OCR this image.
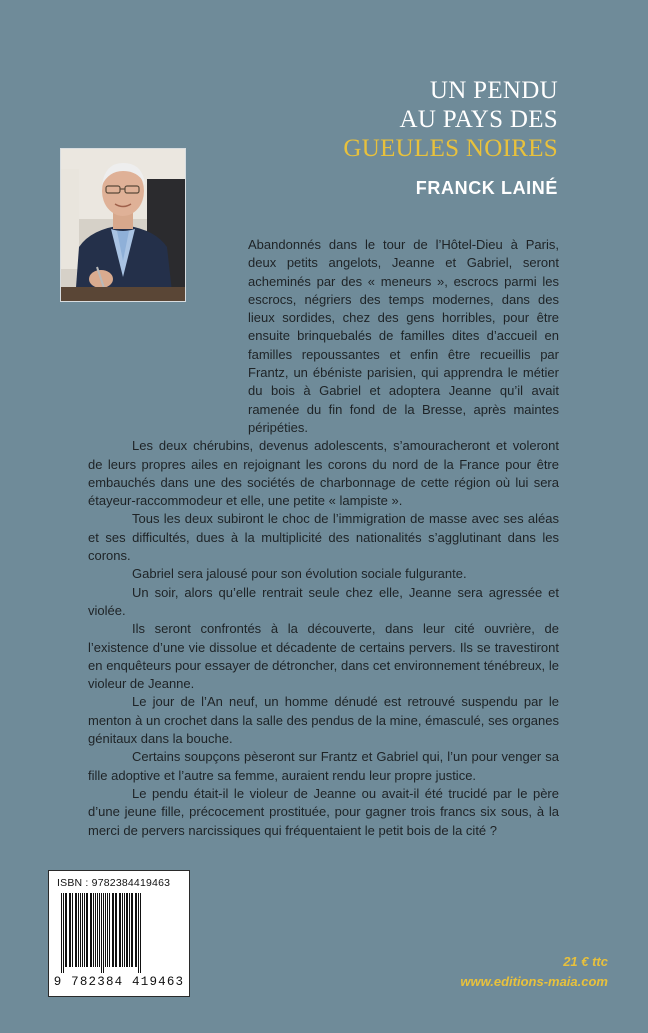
UN PENDU
AU PAYS DES
GUEULES NOIRES
FRANCK LAINÉ

Abandonnés dans le tour de l’Hôtel-Dieu à Paris, deux petits angelots, Jeanne et Gabriel, seront acheminés par des « meneurs », escrocs parmi les escrocs, négriers des temps modernes, dans des lieux sordides, chez des gens horribles, pour être ensuite brinquebalés de familles dites d’accueil en familles repoussantes et enfin être recueillis par Frantz, un ébéniste parisien, qui apprendra le métier du bois à Gabriel et adoptera Jeanne qu’il avait ramenée du fin fond de la Bresse, après maintes péripéties.

Les deux chérubins, devenus adolescents, s’amouracheront et voleront de leurs propres ailes en rejoignant les corons du nord de la France pour être embauchés dans une des sociétés de charbonnage de cette région où lui sera étayeur-raccommodeur et elle, une petite « lampiste ».

Tous les deux subiront le choc de l’immigration de masse avec ses aléas et ses difficultés, dues à la multiplicité des nationalités s’agglutinant dans les corons.

Gabriel sera jalousé pour son évolution sociale fulgurante.

Un soir, alors qu’elle rentrait seule chez elle, Jeanne sera agressée et violée.

Ils seront confrontés à la découverte, dans leur cité ouvrière, de l’existence d’une vie dissolue et décadente de certains pervers. Ils se travestiront en enquêteurs pour essayer de détroncher, dans cet environnement ténébreux, le violeur de Jeanne.

Le jour de l’An neuf, un homme dénudé est retrouvé suspendu par le menton à un crochet dans la salle des pendus de la mine, émasculé, ses organes génitaux dans la bouche.

Certains soupçons pèseront sur Frantz et Gabriel qui, l’un pour venger sa fille adoptive et l’autre sa femme, auraient rendu leur propre justice.

Le pendu était-il le violeur de Jeanne ou avait-il été trucidé par le père d’une jeune fille, précocement prostituée, pour gagner trois francs six sous, à la merci de pervers narcissiques qui fréquentaient le petit bois de la cité ?

ISBN : 9782384419463
9 782384 419463
21 € ttc
www.editions-maia.com
